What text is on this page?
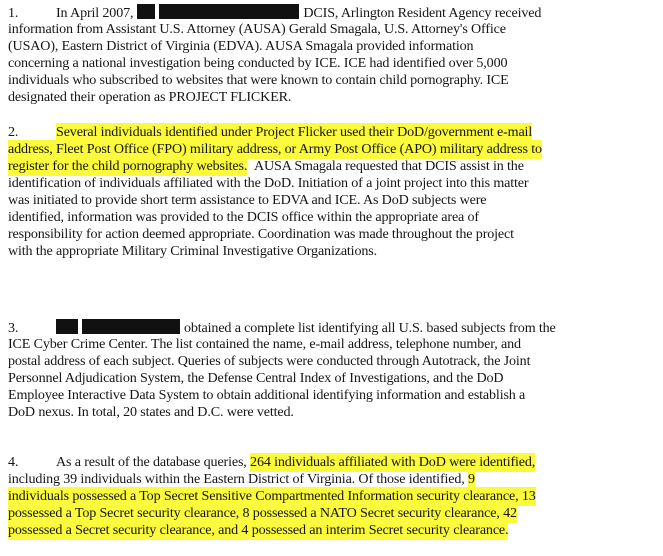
1.	In April 2007,	DCIS, Arlington Resident Agency received
information from Assistant U.S. Attorney (AUSA) Gerald Smagala, U.S. Attorney's Office
(USAO), Eastern District of Virginia (EDVA). AUSA Smagala provided information
concerning a national investigation being conducted by ICE. ICE had identified over 5,000
individuals who subscribed to websites that were known to contain child pornography. ICE
designated their operation as PROJECT FLICKER.
2.	Several individuals identified under Project Flicker used their DoD/government e-mail
address, Fleet Post Office (FPO) military address, or Army Post Office (APO) military address to
register for the child pornography websites. AUSA Smagala requested that DCIS assist in the
identification of individuals affiliated with the DoD. Initiation of a joint project into this matter
was initiated to provide short term assistance to EDVA and ICE. As DoD subjects were
identified, information was provided to the DCIS office within the appropriate area of
responsibility for action deemed appropriate. Coordination was made throughout the project
with the appropriate Military Criminal Investigative Organizations.
3.	obtained a complete list identifying all U.S. based subjects from the
ICE Cyber Crime Center. The list contained the name, e-mail address, telephone number, and
postal address of each subject. Queries of subjects were conducted through Autotrack, the Joint
Personnel Adjudication System, the Defense Central Index of Investigations, and the DoD
Employee Interactive Data System to obtain additional identifying information and establish a
DoD nexus. In total, 20 states and D.C. were vetted.
4.	As a result of the database queries, 264 individuals affiliated with DoD were identified,
including 39 individuals within the Eastern District of Virginia. Of those identified, 9
individuals possessed a Top Secret Sensitive Compartmented Information security clearance, 13
possessed a Top Secret security clearance, 8 possessed a NATO Secret security clearance, 42
possessed a Secret security clearance, and 4 possessed an interim Secret security clearance.
